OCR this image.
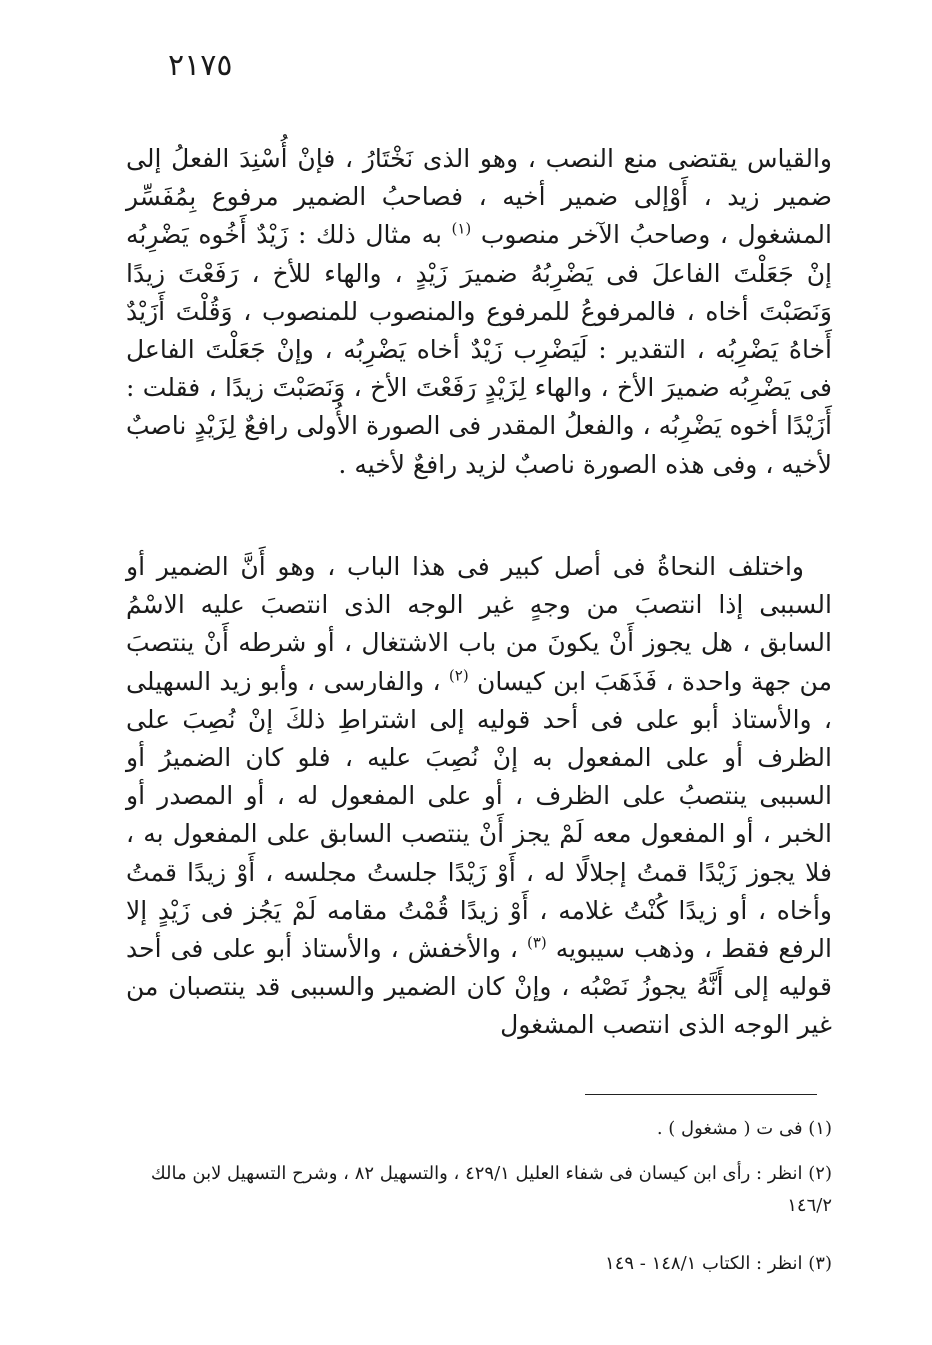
٢١٧٥

والقياس يقتضى منع النصب ، وهو الذى نَخْتَارُ ، فإنْ أُسْنِدَ الفعلُ إلى ضمير زيد ، أَوْإلى ضمير أخيه ، فصاحبُ الضمير مرفوع بِمُفَسِّر المشغول ، وصاحبُ الآخر منصوب $^{(١)}$ به مثال ذلك : زَيْدٌ أَخُوه يَضْرِبُه إنْ جَعَلْتَ الفاعلَ فى يَضْرِبُهُ ضميرَ زَيْدٍ ، والهاء للأخ ، رَفَعْتَ زيدًا وَنَصَبْتَ أخاه ، فالمرفوعُ للمرفوع والمنصوب للمنصوب ، وَقُلْتَ أَزَيْدٌ أَخاهُ يَضْرِبُه ، التقدير : لَيَضْرِب زَيْدٌ أخاه يَضْرِبُه ، وإنْ جَعَلْتَ الفاعل فى يَضْرِبُه ضميرَ الأخ ، والهاء لِزَيْدٍ رَفَعْتَ الأخ ، وَنَصَبْتَ زيدًا ، فقلت : أَزَيْدًا أخوه يَضْرِبُه ، والفعلُ المقدر فى الصورة الأُولى رافعٌ لِزَيْدٍ ناصبٌ لأخيه ، وفى هذه الصورة ناصبٌ لزيد رافعٌ لأخيه .

واختلف النحاةُ فى أصل كبير فى هذا الباب ، وهو أَنَّ الضمير أو السببى إذا انتصبَ من وجهٍ غير الوجه الذى انتصبَ عليه الاسْمُ السابق ، هل يجوز أَنْ يكونَ من باب الاشتغال ، أو شرطه أَنْ ينتصبَ من جهة واحدة ، فَذَهَبَ ابن كيسان $^{(٢)}$ ، والفارسى ، وأبو زيد السهيلى ، والأستاذ أبو على فى أحد قوليه إلى اشتراطِ ذلكَ إنْ نُصِبَ على الظرف أو على المفعول به إنْ نُصِبَ عليه ، فلو كان الضميرُ أو السببى ينتصبُ على الظرف ، أو على المفعول له ، أو المصدر أو الخبر ، أو المفعول معه لَمْ يجز أَنْ ينتصب السابق على المفعول به ، فلا يجوز زَيْدًا قمتُ إجلالًا له ، أَوْ زَيْدًا جلستُ مجلسه ، أَوْ زيدًا قمتُ وأخاه ، أو زيدًا كُنْتُ غلامه ، أَوْ زيدًا قُمْتُ مقامه لَمْ يَجُز فى زَيْدٍ إلا الرفع فقط ، وذهب سيبويه $^{(٣)}$ ، والأخفش ، والأستاذ أبو على فى أحد قوليه إلى أَنَّهُ يجوزُ نَصْبُه ، وإنْ كان الضمير والسببى قد ينتصبان من غير الوجه الذى انتصب المشغول

(١) فى ت ( مشغول ) .
(٢) انظر : رأى ابن كيسان فى شفاء العليل ٤٢٩/١ ، والتسهيل ٨٢ ، وشرح التسهيل لابن مالك ١٤٦/٢
(٣) انظر : الكتاب ١٤٨/١ - ١٤٩
